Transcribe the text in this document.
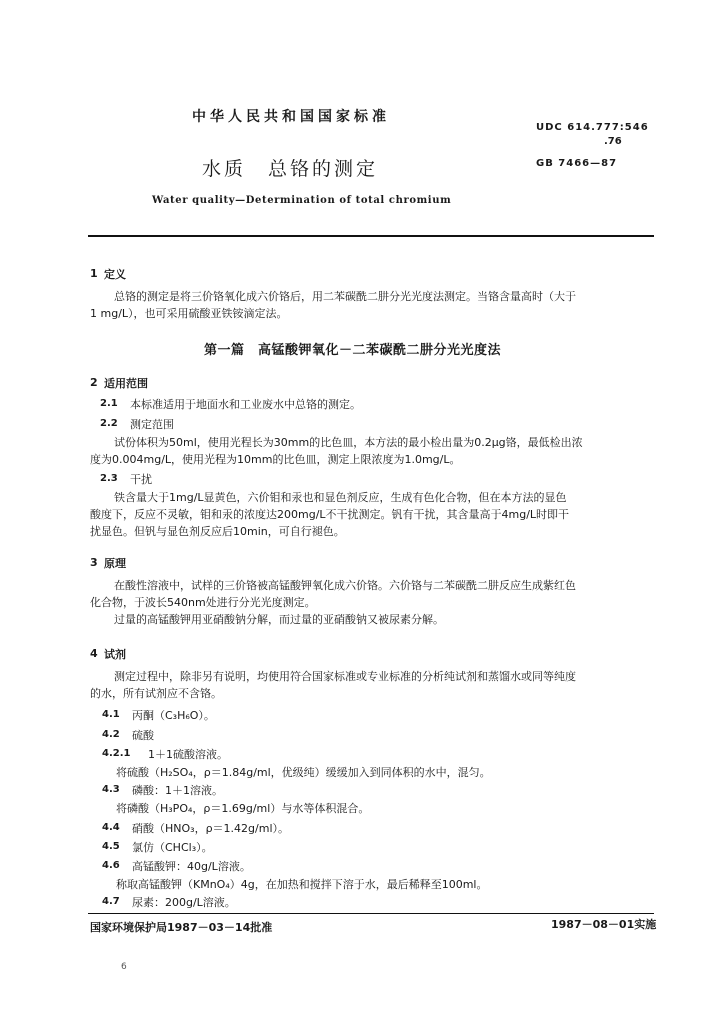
中华人民共和国国家标准
UDC 614.777:546
.76
GB 7466—87
水质　总铬的测定
Water quality—Determination of total chromium
1 定义
总铬的测定是将三价铬氧化成六价铬后，用二苯碳酰二肼分光光度法测定。当铬含量高时（大于
1 mg/L），也可采用硫酸亚铁铵滴定法。
第一篇　高锰酸钾氧化－二苯碳酰二肼分光光度法
2 适用范围
2.1 本标准适用于地面水和工业废水中总铬的测定。
2.2 测定范围
试份体积为50ml，使用光程长为30mm的比色皿，本方法的最小检出量为0.2μg铬，最低检出浓
度为0.004mg/L，使用光程为10mm的比色皿，测定上限浓度为1.0mg/L。
2.3 干扰
铁含量大于1mg/L显黄色，六价钼和汞也和显色剂反应，生成有色化合物，但在本方法的显色
酸度下，反应不灵敏，钼和汞的浓度达200mg/L不干扰测定。钒有干扰，其含量高于4mg/L时即干
扰显色。但钒与显色剂反应后10min，可自行褪色。
3 原理
在酸性溶液中，试样的三价铬被高锰酸钾氧化成六价铬。六价铬与二苯碳酰二肼反应生成紫红色
化合物，于波长540nm处进行分光光度测定。
过量的高锰酸钾用亚硝酸钠分解，而过量的亚硝酸钠又被尿素分解。
4 试剂
测定过程中，除非另有说明，均使用符合国家标准或专业标准的分析纯试剂和蒸馏水或同等纯度
的水，所有试剂应不含铬。
4.1 丙酮（C₃H₆O）。
4.2 硫酸
4.2.1 1＋1硫酸溶液。
将硫酸（H₂SO₄，ρ＝1.84g/ml，优级纯）缓缓加入到同体积的水中，混匀。
4.3 磷酸：1＋1溶液。
将磷酸（H₃PO₄，ρ＝1.69g/ml）与水等体积混合。
4.4 硝酸（HNO₃，ρ＝1.42g/ml）。
4.5 氯仿（CHCl₃）。
4.6 高锰酸钾：40g/L溶液。
称取高锰酸钾（KMnO₄）4g，在加热和搅拌下溶于水，最后稀释至100ml。
4.7 尿素：200g/L溶液。
国家环境保护局1987－03－14批准	1987－08－01实施
6
